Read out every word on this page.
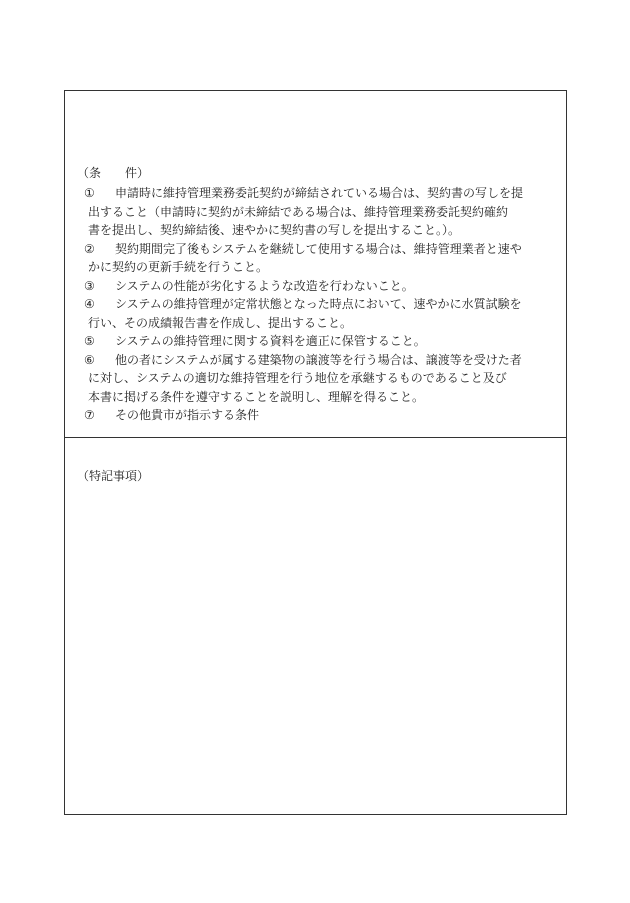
（条　　件）
①	申請時に維持管理業務委託契約が締結されている場合は、契約書の写しを提
出すること（申請時に契約が未締結である場合は、維持管理業務委託契約確約
書を提出し、契約締結後、速やかに契約書の写しを提出すること。）。
②	契約期間完了後もシステムを継続して使用する場合は、維持管理業者と速や
かに契約の更新手続を行うこと。
③	システムの性能が劣化するような改造を行わないこと。
④	システムの維持管理が定常状態となった時点において、速やかに水質試験を
行い、その成績報告書を作成し、提出すること。
⑤	システムの維持管理に関する資料を適正に保管すること。
⑥	他の者にシステムが属する建築物の譲渡等を行う場合は、譲渡等を受けた者
に対し、システムの適切な維持管理を行う地位を承継するものであること及び
本書に掲げる条件を遵守することを説明し、理解を得ること。
⑦	その他貴市が指示する条件
（特記事項）
